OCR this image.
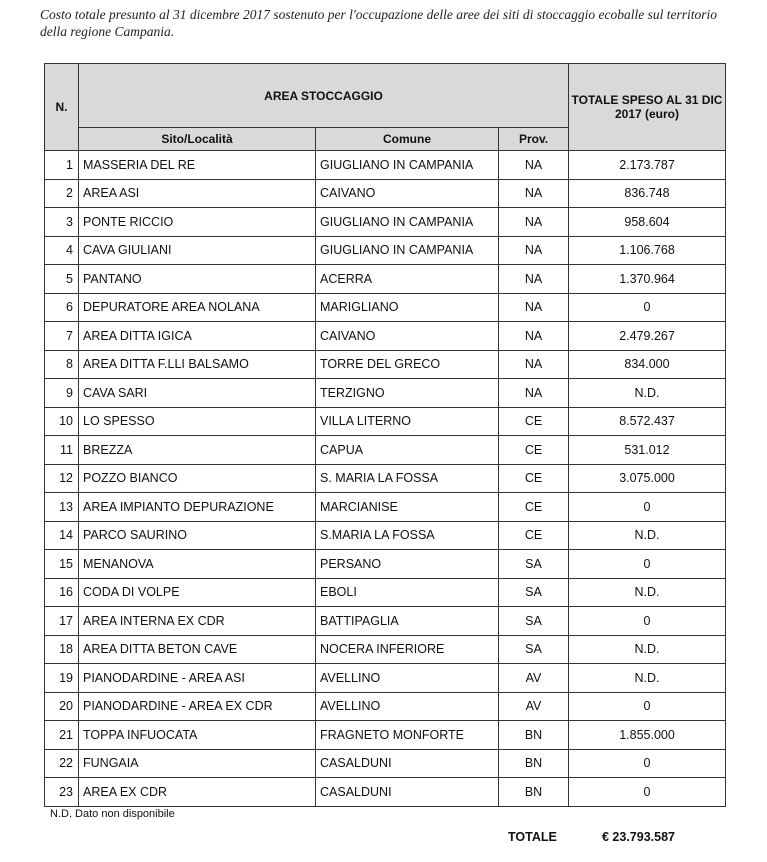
Costo totale presunto al 31 dicembre 2017 sostenuto per l'occupazione delle aree dei siti di stoccaggio ecoballe sul territorio della regione Campania.
N.	AREA STOCCAGGIO			TOTALE SPESO AL 31 DIC 2017 (euro)
	Sito/Località	Comune	Prov.	
1	MASSERIA DEL RE	GIUGLIANO IN CAMPANIA	NA	2.173.787
2	AREA ASI	CAIVANO	NA	836.748
3	PONTE RICCIO	GIUGLIANO IN CAMPANIA	NA	958.604
4	CAVA GIULIANI	GIUGLIANO IN CAMPANIA	NA	1.106.768
5	PANTANO	ACERRA	NA	1.370.964
6	DEPURATORE AREA NOLANA	MARIGLIANO	NA	0
7	AREA DITTA IGICA	CAIVANO	NA	2.479.267
8	AREA DITTA F.LLI BALSAMO	TORRE DEL GRECO	NA	834.000
9	CAVA SARI	TERZIGNO	NA	N.D.
10	LO SPESSO	VILLA LITERNO	CE	8.572.437
11	BREZZA	CAPUA	CE	531.012
12	POZZO BIANCO	S. MARIA LA FOSSA	CE	3.075.000
13	AREA IMPIANTO DEPURAZIONE	MARCIANISE	CE	0
14	PARCO SAURINO	S.MARIA LA FOSSA	CE	N.D.
15	MENANOVA	PERSANO	SA	0
16	CODA DI VOLPE	EBOLI	SA	N.D.
17	AREA INTERNA EX CDR	BATTIPAGLIA	SA	0
18	AREA DITTA BETON CAVE	NOCERA INFERIORE	SA	N.D.
19	PIANODARDINE - AREA ASI	AVELLINO	AV	N.D.
20	PIANODARDINE - AREA EX CDR	AVELLINO	AV	0
21	TOPPA INFUOCATA	FRAGNETO MONFORTE	BN	1.855.000
22	FUNGAIA	CASALDUNI	BN	0
23	AREA EX CDR	CASALDUNI	BN	0
N.D. Dato non disponibile
TOTALE	€ 23.793.587
